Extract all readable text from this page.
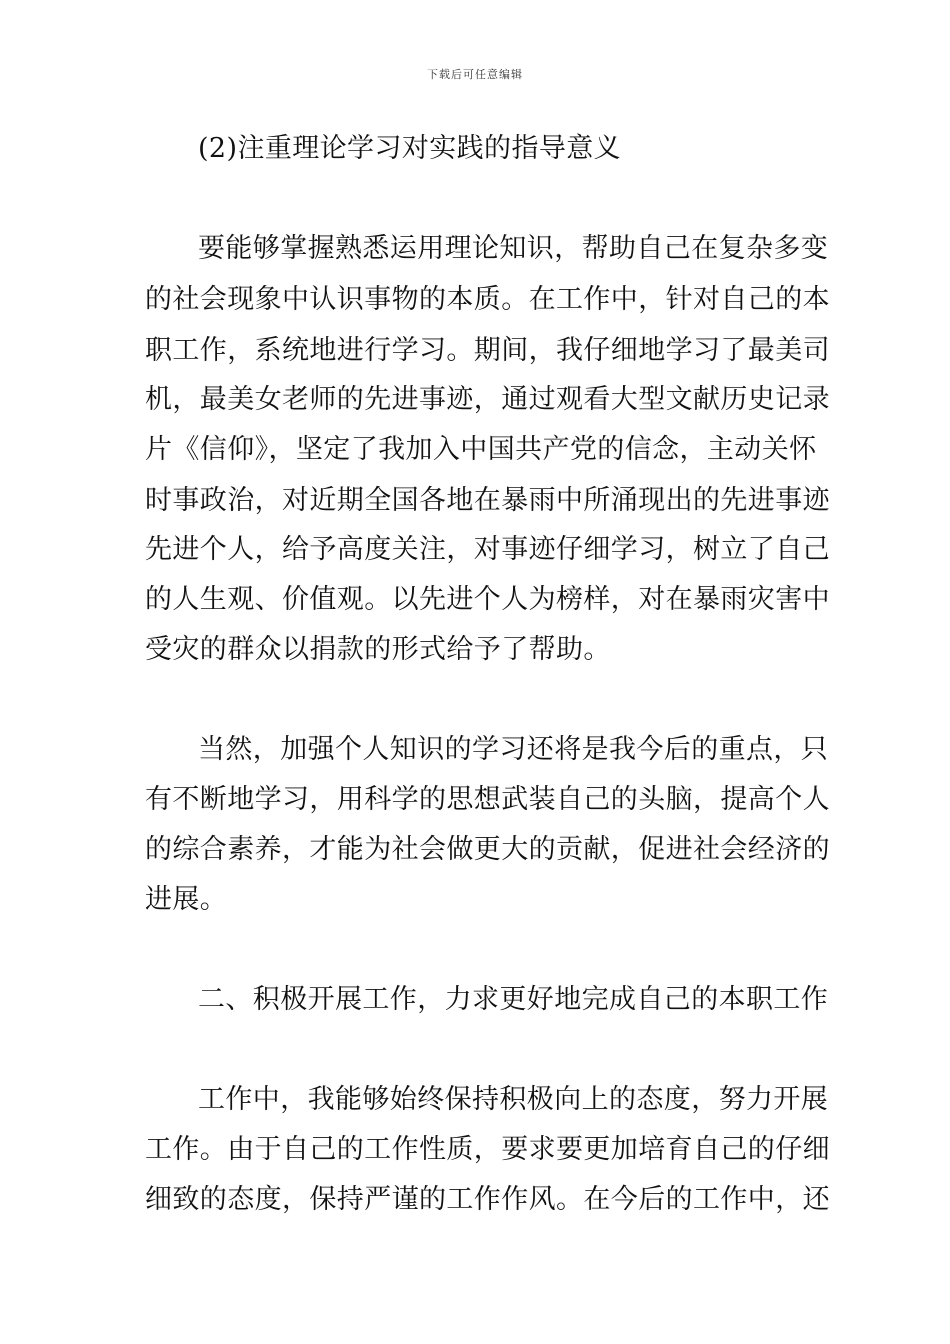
下载后可任意编辑
(2)注重理论学习对实践的指导意义
要能够掌握熟悉运用理论知识，帮助自己在复杂多变
的社会现象中认识事物的本质。在工作中，针对自己的本
职工作，系统地进行学习。期间，我仔细地学习了最美司
机，最美女老师的先进事迹，通过观看大型文献历史记录
片《信仰》，坚定了我加入中国共产党的信念，主动关怀
时事政治，对近期全国各地在暴雨中所涌现出的先进事迹
先进个人，给予高度关注，对事迹仔细学习，树立了自己
的人生观、价值观。以先进个人为榜样，对在暴雨灾害中
受灾的群众以捐款的形式给予了帮助。
当然，加强个人知识的学习还将是我今后的重点，只
有不断地学习，用科学的思想武装自己的头脑，提高个人
的综合素养，才能为社会做更大的贡献，促进社会经济的
进展。
二、积极开展工作，力求更好地完成自己的本职工作
工作中，我能够始终保持积极向上的态度，努力开展
工作。由于自己的工作性质，要求要更加培育自己的仔细
细致的态度，保持严谨的工作作风。在今后的工作中，还
